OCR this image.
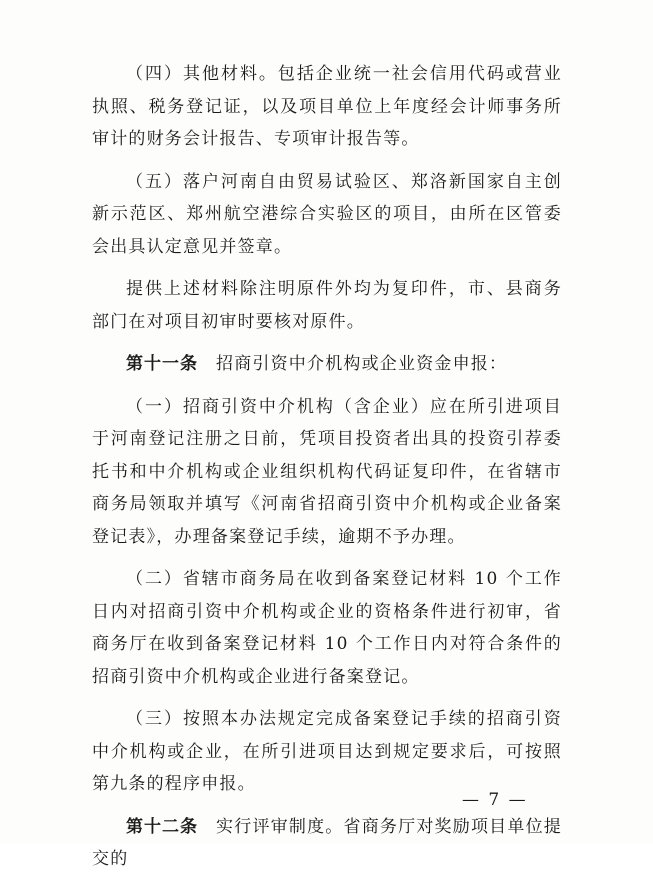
（四）其他材料。包括企业统一社会信用代码或营业执照、税务登记证，以及项目单位上年度经会计师事务所审计的财务会计报告、专项审计报告等。

（五）落户河南自由贸易试验区、郑洛新国家自主创新示范区、郑州航空港综合实验区的项目，由所在区管委会出具认定意见并签章。

提供上述材料除注明原件外均为复印件，市、县商务部门在对项目初审时要核对原件。

第十一条 招商引资中介机构或企业资金申报：

（一）招商引资中介机构（含企业）应在所引进项目于河南登记注册之日前，凭项目投资者出具的投资引荐委托书和中介机构或企业组织机构代码证复印件，在省辖市商务局领取并填写《河南省招商引资中介机构或企业备案登记表》，办理备案登记手续，逾期不予办理。

（二）省辖市商务局在收到备案登记材料 10 个工作日内对招商引资中介机构或企业的资格条件进行初审，省商务厅在收到备案登记材料 10 个工作日内对符合条件的招商引资中介机构或企业进行备案登记。

（三）按照本办法规定完成备案登记手续的招商引资中介机构或企业，在所引进项目达到规定要求后，可按照第九条的程序申报。

第十二条 实行评审制度。省商务厅对奖励项目单位提交的

— 7 —
